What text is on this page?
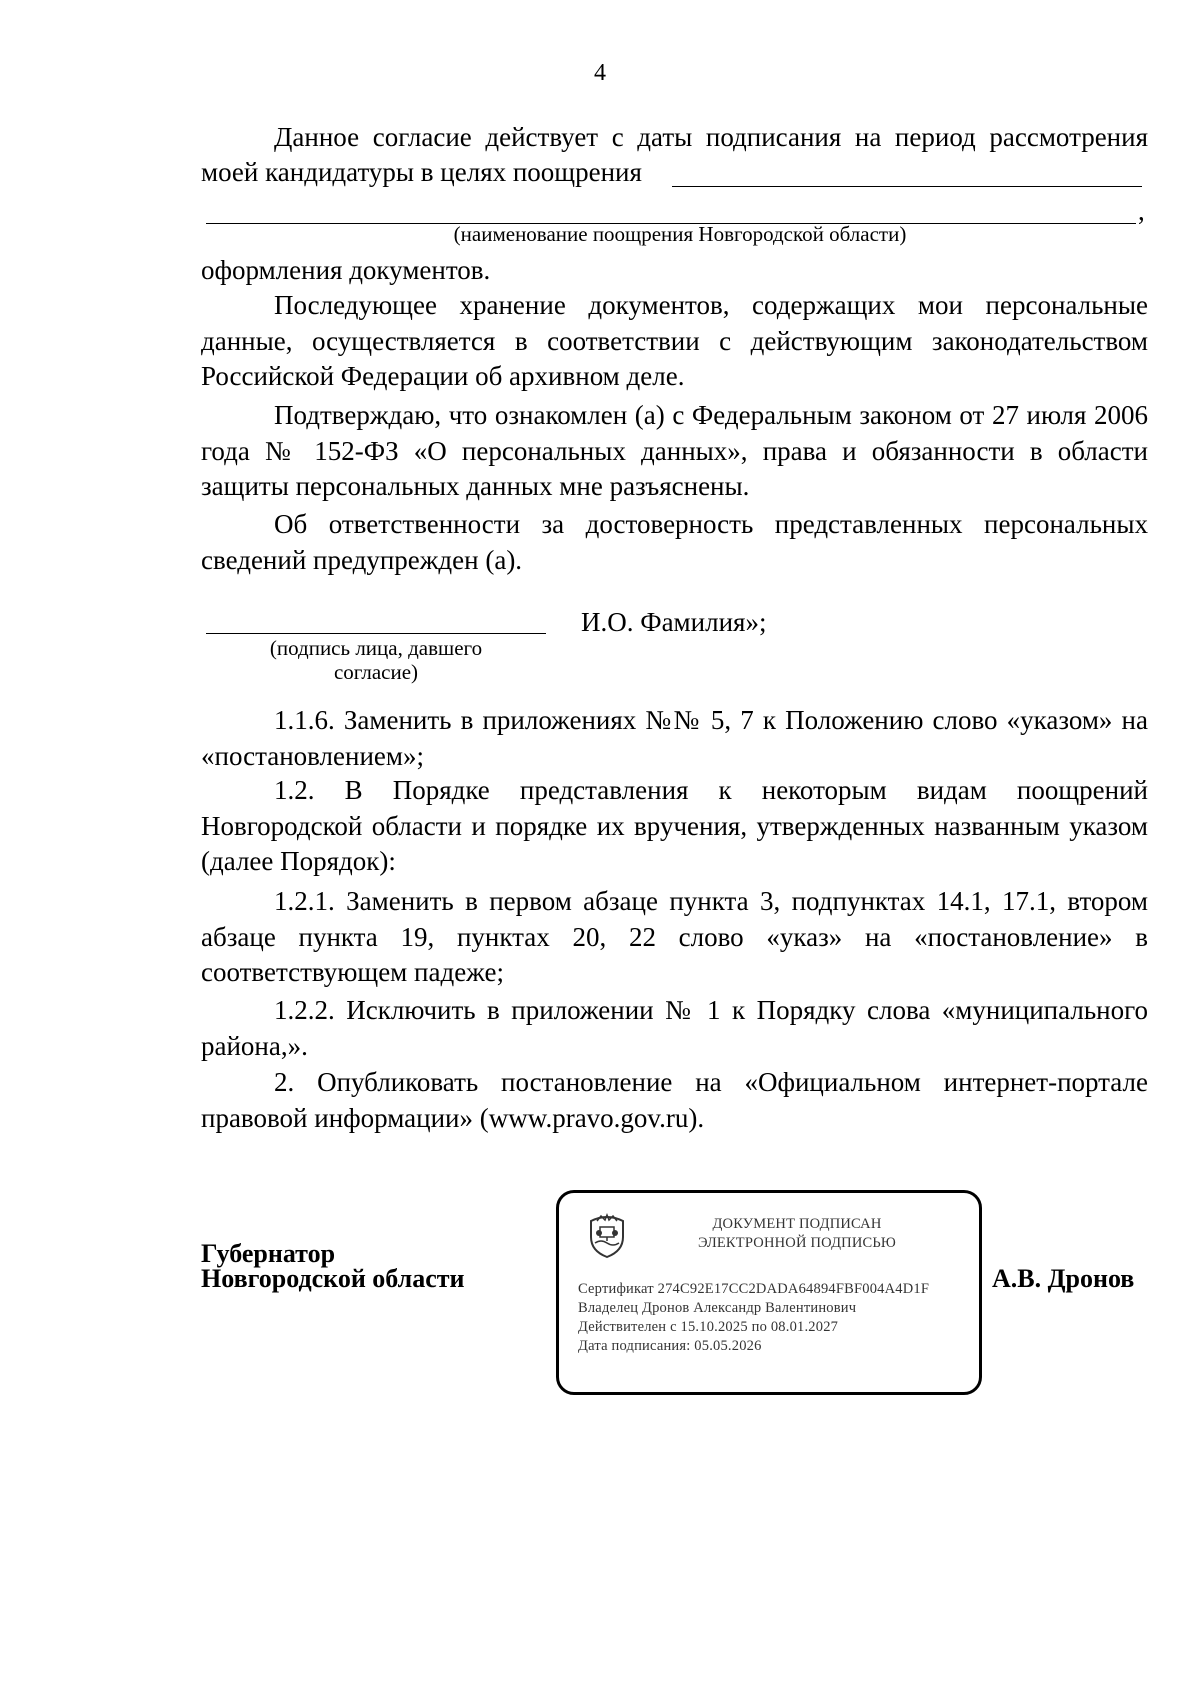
4
Данное согласие действует с даты подписания на период рассмотрения
моей кандидатуры в целях поощрения
,
(наименование поощрения Новгородской области)
оформления документов.
Последующее хранение документов, содержащих мои персональные данные, осуществляется в соответствии с действующим законодательством Российской Федерации об архивном деле.
Подтверждаю, что ознакомлен (а) с Федеральным законом от 27 июля 2006 года № 152-ФЗ «О персональных данных», права и обязанности в области защиты персональных данных мне разъяснены.
Об ответственности за достоверность представленных персональных сведений предупрежден (а).
И.О. Фамилия»;
(подпись лица, давшего
согласие)
1.1.6. Заменить в приложениях №№ 5, 7 к Положению слово «указом» на «постановлением»;
1.2. В Порядке представления к некоторым видам поощрений Новгородской области и порядке их вручения, утвержденных названным указом (далее Порядок):
1.2.1. Заменить в первом абзаце пункта 3, подпунктах 14.1, 17.1, втором абзаце пункта 19, пунктах 20, 22 слово «указ» на «постановление» в соответствующем падеже;
1.2.2. Исключить в приложении № 1 к Порядку слова «муниципального района,».
2. Опубликовать постановление на «Официальном интернет-портале правовой информации» (www.pravo.gov.ru).
Губернатор
Новгородской области
ДОКУМЕНТ ПОДПИСАН
ЭЛЕКТРОННОЙ ПОДПИСЬЮ
Сертификат 274C92E17CC2DADA64894FBF004A4D1F
Владелец Дронов Александр Валентинович
Действителен с 15.10.2025 по 08.01.2027
Дата подписания: 05.05.2026
А.В. Дронов
